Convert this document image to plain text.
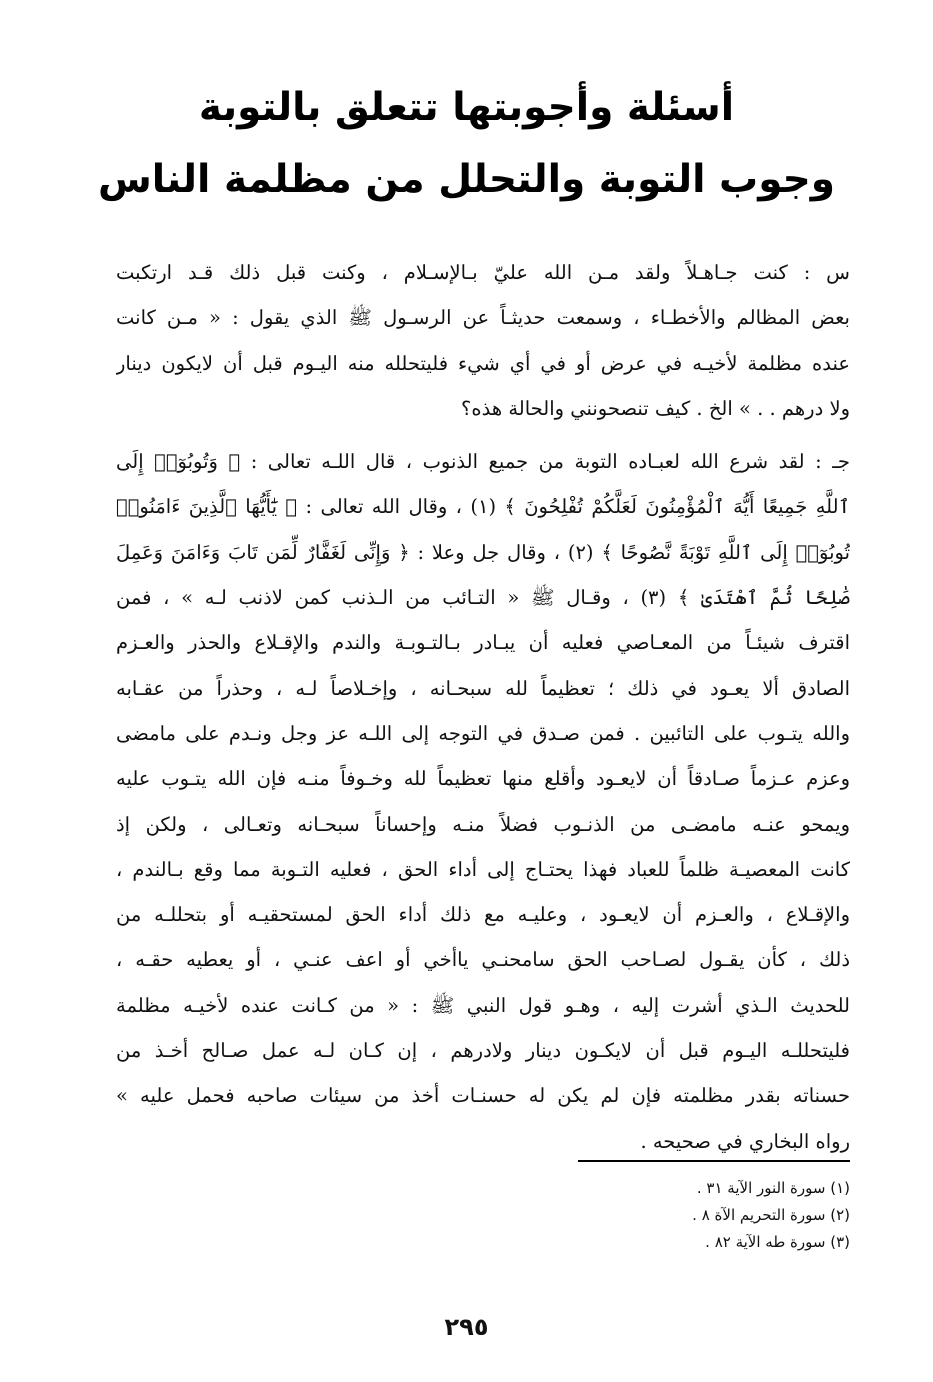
أسئلة وأجوبتها تتعلق بالتوبة
وجوب التوبة والتحلل من مظلمة الناس
س : كنت جـاهـلاً ولقد مـن الله عليّ بـالإسـلام ، وكنت قبل ذلك قـد ارتكبت
بعض المظالم والأخطـاء ، وسمعت حديثـاً عن الرسـول ﷺ الذي يقول : « مـن كانت
عنده مظلمة لأخيـه في عرض أو في أي شيء فليتحلله منه اليـوم قبل أن لايكون دينار
ولا درهم . . » الخ . كيف تنصحونني والحالة هذه؟
جـ : لقد شرع الله لعبـاده التوبة من جميع الذنوب ، قال اللـه تعالى : ﴿ وَتُوبُوٓا۟ إِلَى
ٱللَّهِ جَمِيعًا أَيُّهَ ٱلْمُؤْمِنُونَ لَعَلَّكُمْ تُفْلِحُونَ ﴾ (١) ، وقال الله تعالى : ﴿ يَٰٓأَيُّهَا ٱلَّذِينَ ءَامَنُوا۟
تُوبُوٓا۟ إِلَى ٱللَّهِ تَوْبَةً نَّصُوحًا ﴾ (٢) ، وقال جل وعلا : ﴿ وَإِنِّى لَغَفَّارٌ لِّمَن تَابَ وَءَامَنَ وَعَمِلَ
صَٰلِحًا ثُمَّ ٱهْتَدَىٰ ﴾ (٣) ، وقـال ﷺ « التـائب من الـذنب كمن لاذنب لـه » ، فمن
اقترف شيئـاً من المعـاصي فعليه أن يبـادر بـالتـوبـة والندم والإقـلاع والحذر والعـزم
الصادق ألا يعـود في ذلك ؛ تعظيماً لله سبحـانه ، وإخـلاصاً لـه ، وحذراً من عقـابه
والله يتـوب على التائبين . فمن صـدق في التوجه إلى اللـه عز وجل ونـدم على مامضى
وعزم عـزماً صـادقاً أن لايعـود وأقلع منها تعظيماً لله وخـوفاً منـه فإن الله يتـوب عليه
ويمحو عنـه مامضـى من الذنـوب فضلاً منـه وإحساناً سبحـانه وتعـالى ، ولكن إذ
كانت المعصيـة ظلماً للعباد فهذا يحتـاج إلى أداء الحق ، فعليه التـوبة مما وقع بـالندم ،
والإقـلاع ، والعـزم أن لايعـود ، وعليـه مع ذلك أداء الحق لمستحقيـه أو بتحللـه من
ذلك ، كأن يقـول لصـاحب الحق سامحنـي ياأخي أو اعف عنـي ، أو يعطيه حقـه ،
للحديث الـذي أشرت إليه ، وهـو قول النبي ﷺ : « من كـانت عنده لأخيـه مظلمة
فليتحللـه اليـوم قبل أن لايكـون دينار ولادرهم ، إن كـان لـه عمل صـالح أخـذ من
حسناته بقدر مظلمته فإن لم يكن له حسنـات أخذ من سيئات صاحبه فحمل عليه »
رواه البخاري في صحيحه .
(١) سورة النور الآية ٣١ .
(٢) سورة التحريم الآة ٨ .
(٣) سورة طه الآية ٨٢ .
٢٩٥
